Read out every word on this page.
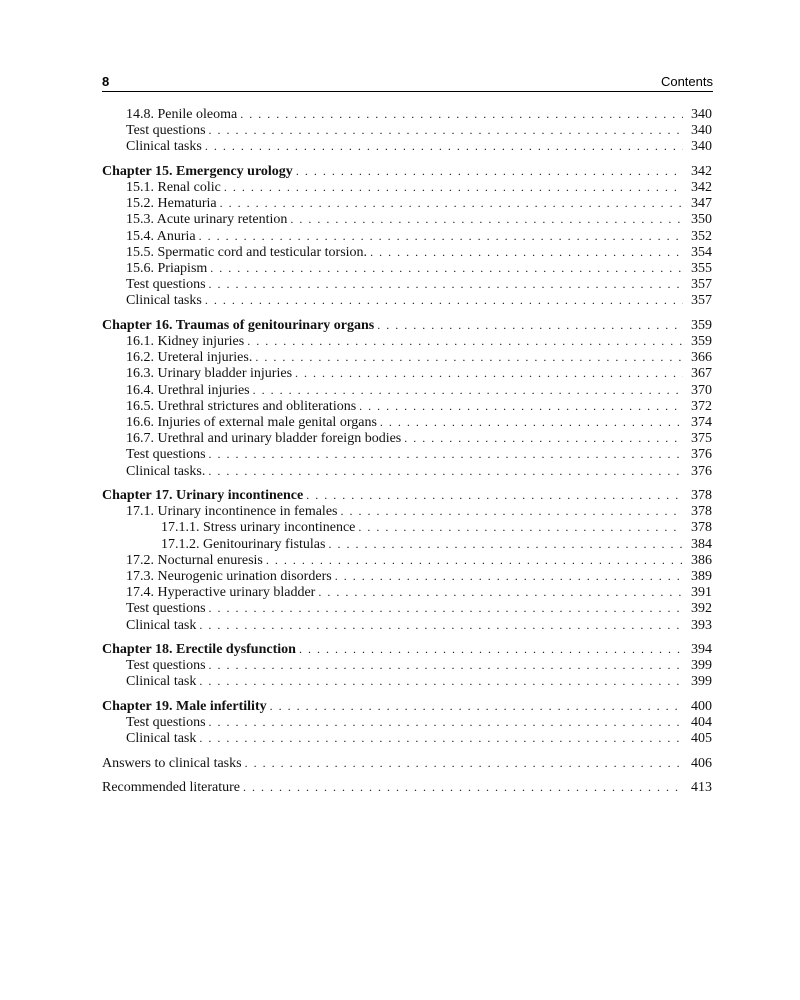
8	Contents
14.8. Penile oleoma . . .	340
Test questions . . .	340
Clinical tasks . . .	340
Chapter 15. Emergency urology . . .	342
15.1. Renal colic . . .	342
15.2. Hematuria . . .	347
15.3. Acute urinary retention . . .	350
15.4. Anuria . . .	352
15.5. Spermatic cord and testicular torsion. . . .	354
15.6. Priapism . . .	355
Test questions . . .	357
Clinical tasks . . .	357
Chapter 16. Traumas of genitourinary organs . . .	359
16.1. Kidney injuries . . .	359
16.2. Ureteral injuries. . . .	366
16.3. Urinary bladder injuries . . .	367
16.4. Urethral injuries . . .	370
16.5. Urethral strictures and obliterations . . .	372
16.6. Injuries of external male genital organs . . .	374
16.7. Urethral and urinary bladder foreign bodies . . .	375
Test questions . . .	376
Clinical tasks. . . .	376
Chapter 17. Urinary incontinence . . .	378
17.1. Urinary incontinence in females . . .	378
17.1.1. Stress urinary incontinence . . .	378
17.1.2. Genitourinary fistulas . . .	384
17.2. Nocturnal enuresis . . .	386
17.3. Neurogenic urination disorders . . .	389
17.4. Hyperactive urinary bladder . . .	391
Test questions . . .	392
Clinical task . . .	393
Chapter 18. Erectile dysfunction . . .	394
Test questions . . .	399
Clinical task . . .	399
Chapter 19. Male infertility . . .	400
Test questions . . .	404
Clinical task . . .	405
Answers to clinical tasks . . .	406
Recommended literature . . .	413
